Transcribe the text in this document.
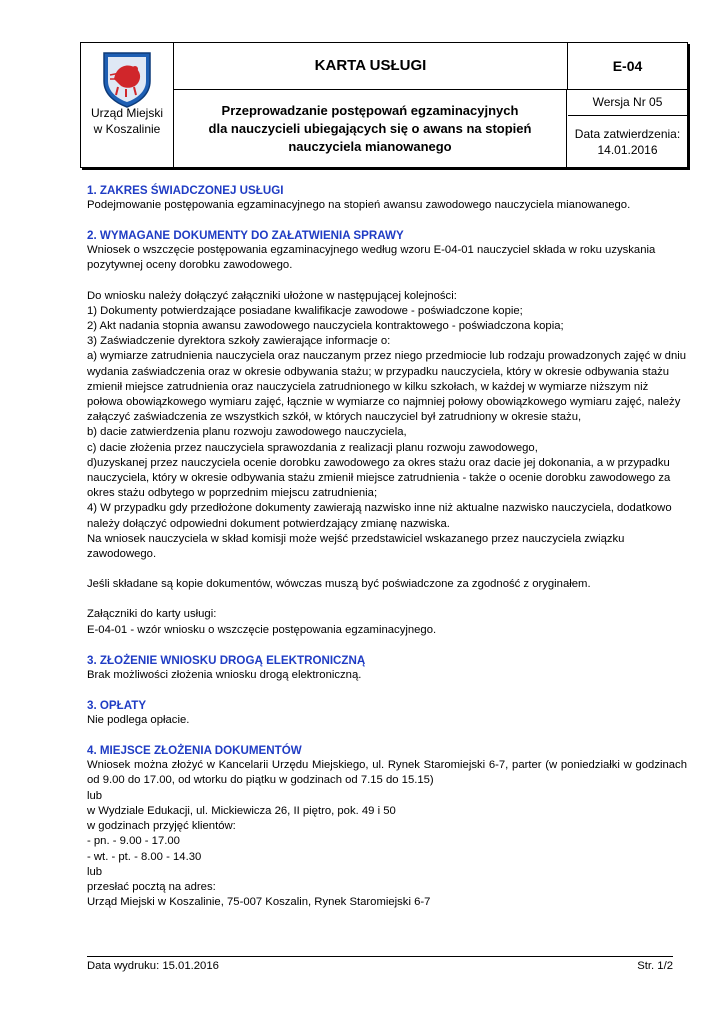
Urząd Miejski
w Koszalinie
KARTA USŁUGI	E-04
Przeprowadzanie postępowań egzaminacyjnych
dla nauczycieli ubiegających się o awans na stopień
nauczyciela mianowanego
Wersja Nr 05
Data zatwierdzenia:
14.01.2016

1. ZAKRES ŚWIADCZONEJ USŁUGI

Podejmowanie postępowania egzaminacyjnego na stopień awansu zawodowego nauczyciela mianowanego.

2. WYMAGANE DOKUMENTY DO ZAŁATWIENIA SPRAWY

Wniosek o wszczęcie postępowania egzaminacyjnego według wzoru E-04-01 nauczyciel składa w roku uzyskania pozytywnej oceny dorobku zawodowego.

Do wniosku należy dołączyć załączniki ułożone w następującej kolejności:

1) Dokumenty potwierdzające posiadane kwalifikacje zawodowe - poświadczone kopie;

2) Akt nadania stopnia awansu zawodowego nauczyciela kontraktowego - poświadczona kopia;

3) Zaświadczenie dyrektora szkoły zawierające informacje o:

a) wymiarze zatrudnienia nauczyciela oraz nauczanym przez niego przedmiocie lub rodzaju prowadzonych zajęć w dniu wydania zaświadczenia oraz w okresie odbywania stażu; w przypadku nauczyciela, który w okresie odbywania stażu zmienił miejsce zatrudnienia oraz nauczyciela zatrudnionego w kilku szkołach, w każdej w wymiarze niższym niż połowa obowiązkowego wymiaru zajęć, łącznie w wymiarze co najmniej połowy obowiązkowego wymiaru zajęć, należy załączyć zaświadczenia ze wszystkich szkół, w których nauczyciel był zatrudniony w okresie stażu,

b) dacie zatwierdzenia planu rozwoju zawodowego nauczyciela,

c) dacie złożenia przez nauczyciela sprawozdania z realizacji planu rozwoju zawodowego,

d)uzyskanej przez nauczyciela ocenie dorobku zawodowego za okres stażu oraz dacie jej dokonania, a w przypadku nauczyciela, który w okresie odbywania stażu zmienił miejsce zatrudnienia - także o ocenie dorobku zawodowego za okres stażu odbytego w poprzednim miejscu zatrudnienia;

4) W przypadku gdy przedłożone dokumenty zawierają nazwisko inne niż aktualne nazwisko nauczyciela, dodatkowo należy dołączyć odpowiedni dokument potwierdzający zmianę nazwiska.

Na wniosek nauczyciela w skład komisji może wejść przedstawiciel wskazanego przez nauczyciela związku zawodowego.

Jeśli składane są kopie dokumentów, wówczas muszą być poświadczone za zgodność z oryginałem.

Załączniki do karty usługi:

E-04-01 - wzór wniosku o wszczęcie postępowania egzaminacyjnego.

3. ZŁOŻENIE WNIOSKU DROGĄ ELEKTRONICZNĄ

Brak możliwości złożenia wniosku drogą elektroniczną.

3. OPŁATY

Nie podlega opłacie.

4. MIEJSCE ZŁOŻENIA DOKUMENTÓW

Wniosek można złożyć w Kancelarii Urzędu Miejskiego, ul. Rynek Staromiejski 6-7, parter (w poniedziałki w godzinach od 9.00 do 17.00, od wtorku do piątku w godzinach od 7.15 do 15.15)

lub

w Wydziale Edukacji, ul. Mickiewicza 26, II piętro, pok. 49 i 50

w godzinach przyjęć klientów:

- pn. - 9.00 - 17.00

- wt. - pt. - 8.00 - 14.30

lub

przesłać pocztą na adres:

Urząd Miejski w Koszalinie, 75-007 Koszalin, Rynek Staromiejski 6-7

Data wydruku: 15.01.2016	Str. 1/2
